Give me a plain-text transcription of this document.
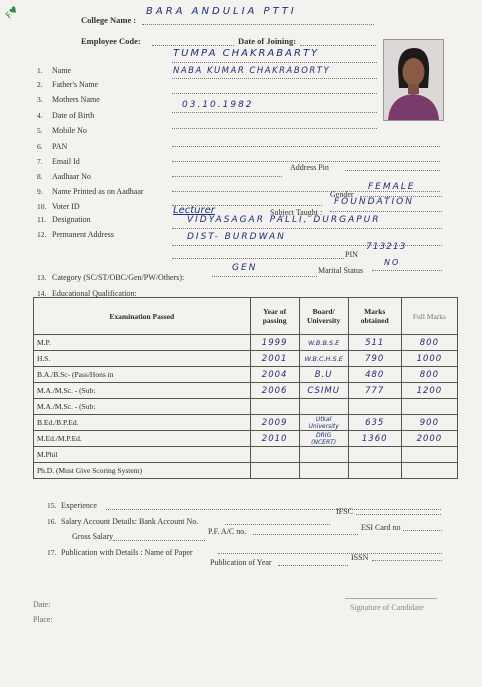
F♥	College Name :
BARA ANDULIA PTTI
Employee Code:	Date of Joining:
1. Name
TUMPA CHAKRABARTY
2. Father's Name
NABA KUMAR CHAKRABORTY
3. Mothers Name
4. Date of Birth
03.10.1982
5. Mobile No
6. PAN
7. Email Id
8. Aadhaar No
Address Pin
9. Name Printed as on Aadhaar
10. Voter ID
Gender
FEMALE
11. Designation
Lecturer	Subject Taught :
FOUNDATION
12. Permanent Address
VIDYASAGAR PALLI, DURGAPUR
DIST- BURDWAN
PIN
713213
13. Category (SC/ST/OBC/Gen/PW/Others):
GEN	Marital Status
NO
14. Educational Qualification:
Examination Passed	Year of passing	Board/ University	Marks obtained	Full Marks
M.P.	1999	W.B.B.S.E	511	800
H.S.	2001	W.B.C.H.S.E	790	1000
B.A./B.Sc- (Pass/Hons in	2004	B.U	480	800
M.A./M.Sc. - (Sub:	2006	CSIMU	777	1200
M.A./M.Sc. - (Sub:				
B.Ed./B.P.Ed.	2009	Utkal University	635	900
M.Ed./M.P.Ed.	2010	DRIG (NCERT)	1360	2000
M.Phil				
Ph.D. (Must Give Scoring System)				
15. Experience
16. Salary Account Details: Bank Account No.
IFSC
Gross Salary
P.F. A/C no.	ESI Card no
17. Publication with Details : Name of Paper
Publication of Year
ISSN
Date:
Place:
Signature of Candidate
